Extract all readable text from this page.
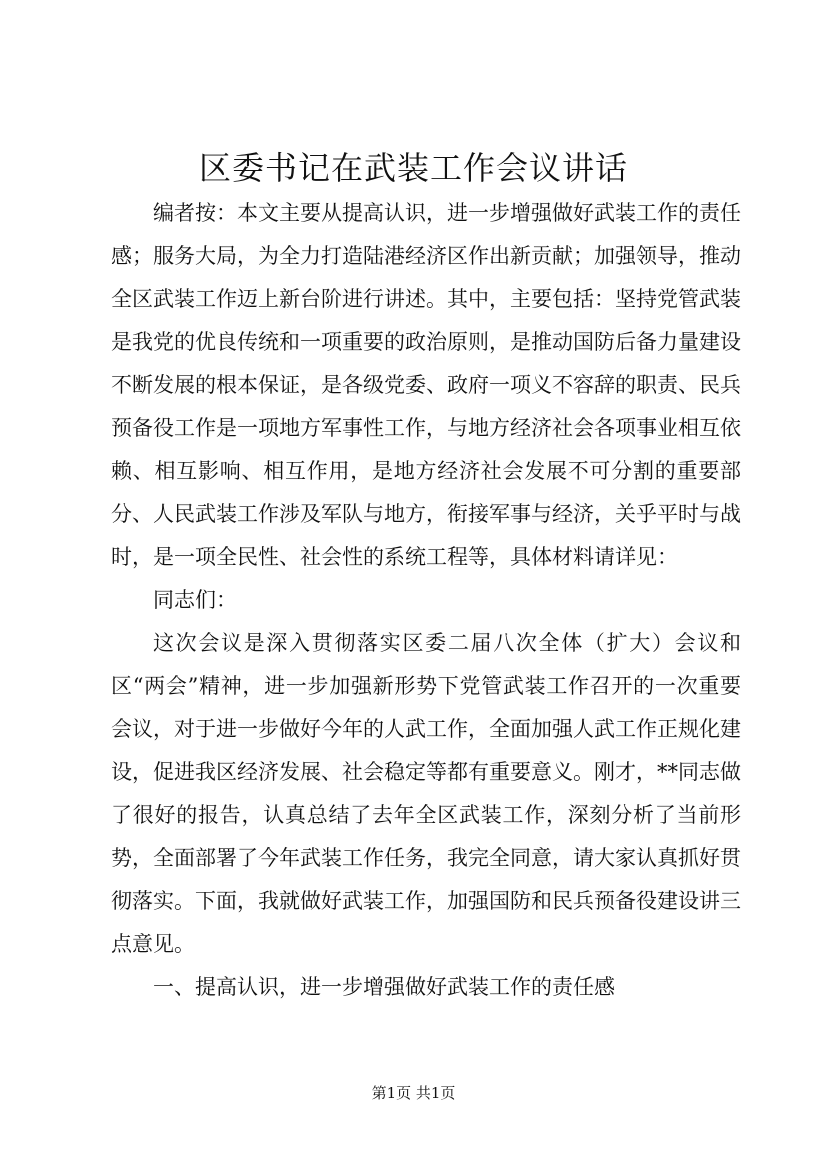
区委书记在武装工作会议讲话

编者按：本文主要从提高认识，进一步增强做好武装工作的责任感；服务大局，为全力打造陆港经济区作出新贡献；加强领导，推动全区武装工作迈上新台阶进行讲述。其中，主要包括：坚持党管武装是我党的优良传统和一项重要的政治原则，是推动国防后备力量建设不断发展的根本保证，是各级党委、政府一项义不容辞的职责、民兵预备役工作是一项地方军事性工作，与地方经济社会各项事业相互依赖、相互影响、相互作用，是地方经济社会发展不可分割的重要部分、人民武装工作涉及军队与地方，衔接军事与经济，关乎平时与战时，是一项全民性、社会性的系统工程等，具体材料请详见：

同志们：

这次会议是深入贯彻落实区委二届八次全体（扩大）会议和区“两会”精神，进一步加强新形势下党管武装工作召开的一次重要会议，对于进一步做好今年的人武工作，全面加强人武工作正规化建设，促进我区经济发展、社会稳定等都有重要意义。刚才，**同志做了很好的报告，认真总结了去年全区武装工作，深刻分析了当前形势，全面部署了今年武装工作任务，我完全同意，请大家认真抓好贯彻落实。下面，我就做好武装工作，加强国防和民兵预备役建设讲三点意见。

一、提高认识，进一步增强做好武装工作的责任感

第1页 共1页
